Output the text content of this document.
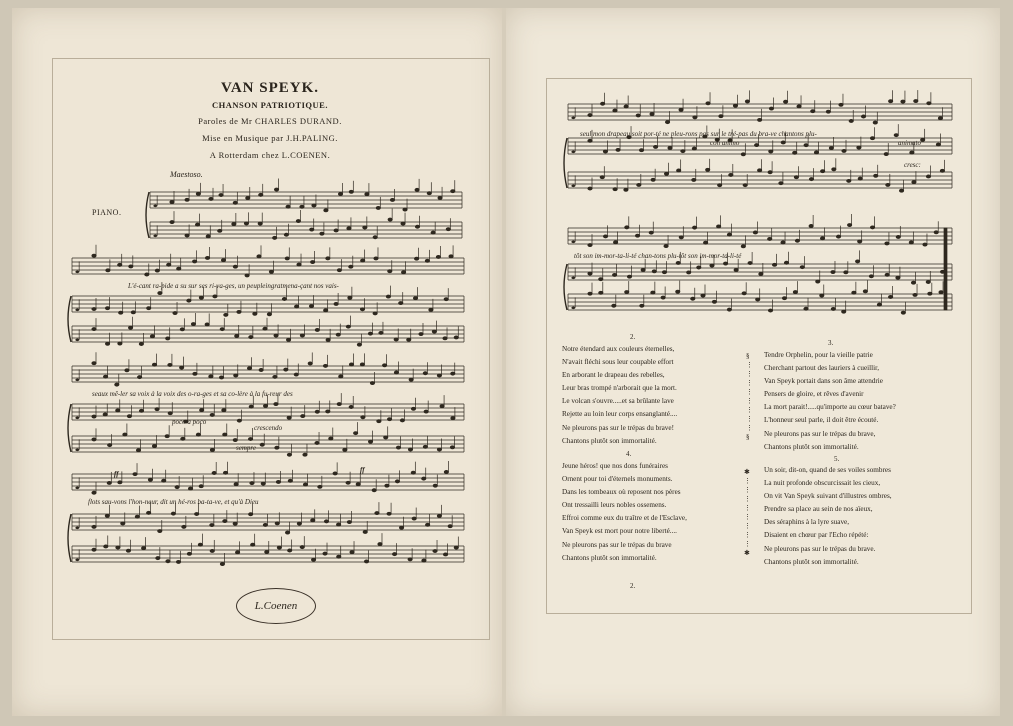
VAN SPEYK.
CHANSON PATRIOTIQUE.
Paroles de Mr CHARLES DURAND.
Mise en Musique par J.H.PALING.
A Rotterdam chez L.COENEN.
Maestoso.
PIANO.
♩
♩
♩
♩
♩
♩
♩
♩
♩
♩
♩
♩
♩
♩
♩
♩
♩
L'é-cant ra-pide a su sur ses ri-va-ges, un peupleingratmena-çant nos vais-
seaux mê-ler sa voix à la voix des o-ra-ges et sa co-lère à la fu-reur des
flots sau-vons l'hon-neur, dit un hé-ros ba-ta-ve, et qu'à Dieu
poco a poco
crescendo
sempre
ff	ff
seul mon drapeau soit por-té ne pleu-rons pas sur le tré-pas du bra-ve chantons plu-
tôt son im-mor-ta-li-té chan-tons plu-tôt son im-mor-ta-li-té
con animo	animato
cresc:
L.Coenen
2.
Notre étendard aux couleurs éternelles,
N'avait fléchi sous leur coupable effort
En arborant le drapeau des rebelles,
Leur bras trompé n'arborait que la mort.
Le volcan s'ouvre.....et sa brûlante lave
Rejette au loin leur corps ensanglanté....
Ne pleurons pas sur le trépas du brave!
Chantons plutôt son immortalité.
3.
Tendre Orphelin, pour la vieille patrie
Cherchant partout des lauriers à cueillir,
Van Speyk portait dans son âme attendrie
Pensers de gloire, et rêves d'avenir
La mort parait!.....qu'importe au cœur batave?
L'honneur seul parle, il doit être écouté.
Ne pleurons pas sur le trépas du brave,
Chantons plutôt son immortalité.
4.
Jeune héros! que nos dons funéraires
Ornent pour toi d'éternels monuments.
Dans les tombeaux où reposent nos pères
Ont tressailli leurs nobles ossemens.
Effroi comme eux du traître et de l'Esclave,
Van Speyk est mort pour notre liberté....
Ne pleurons pas sur le trépas du brave
Chantons plutôt son immortalité.
5.
Un soir, dit-on, quand de ses voiles sombres
La nuit profonde obscurcissait les cieux,
On vit Van Speyk suivant d'illustres ombres,
Prendre sa place au sein de nos aïeux,
Des séraphins à la lyre suave,
Disaient en chœur par l'Echo répété:
Ne pleurons pas sur le trépas du brave.
Chantons plutôt son immortalité.
§
⋮
⋮
⋮
⋮
⋮
⋮
⋮
⋮
§
✱
⋮
⋮
⋮
⋮
⋮
⋮
⋮
⋮
✱
2.
